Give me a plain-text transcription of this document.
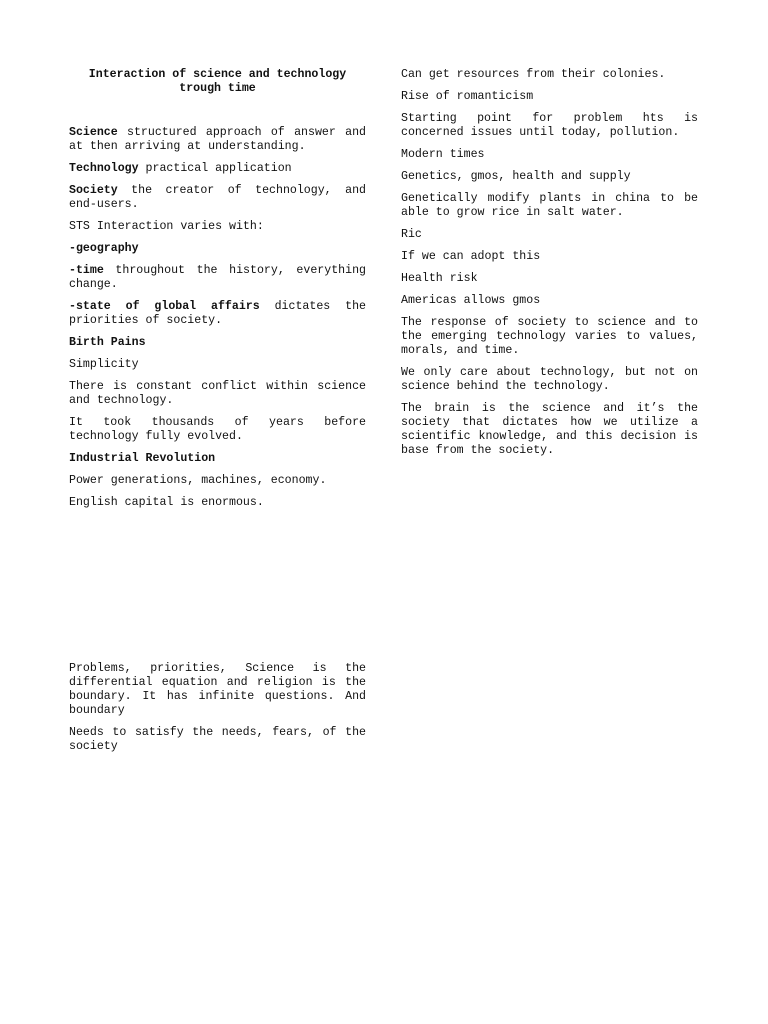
Interaction of science and technology trough time

Science structured approach of answer and at then arriving at understanding.

Technology practical application

Society the creator of technology, and end-users.

STS Interaction varies with:

-geography

-time throughout the history, everything change.

-state of global affairs dictates the priorities of society.

Birth Pains

Simplicity

There is constant conflict within science and technology.

It took thousands of years before technology fully evolved.

Industrial Revolution

Power generations, machines, economy.

English capital is enormous.

Problems, priorities, Science is the differential equation and religion is the boundary. It has infinite questions. And boundary

Needs to satisfy the needs, fears, of the society

Can get resources from their colonies.

Rise of romanticism

Starting point for problem hts is concerned issues until today, pollution.

Modern times

Genetics, gmos, health and supply

Genetically modify plants in china to be able to grow rice in salt water.

Ric

If we can adopt this

Health risk

Americas allows gmos

The response of society to science and to the emerging technology varies to values, morals, and time.

We only care about technology, but not on science behind the technology.

The brain is the science and it’s the society that dictates how we utilize a scientific knowledge, and this decision is base from the society.
